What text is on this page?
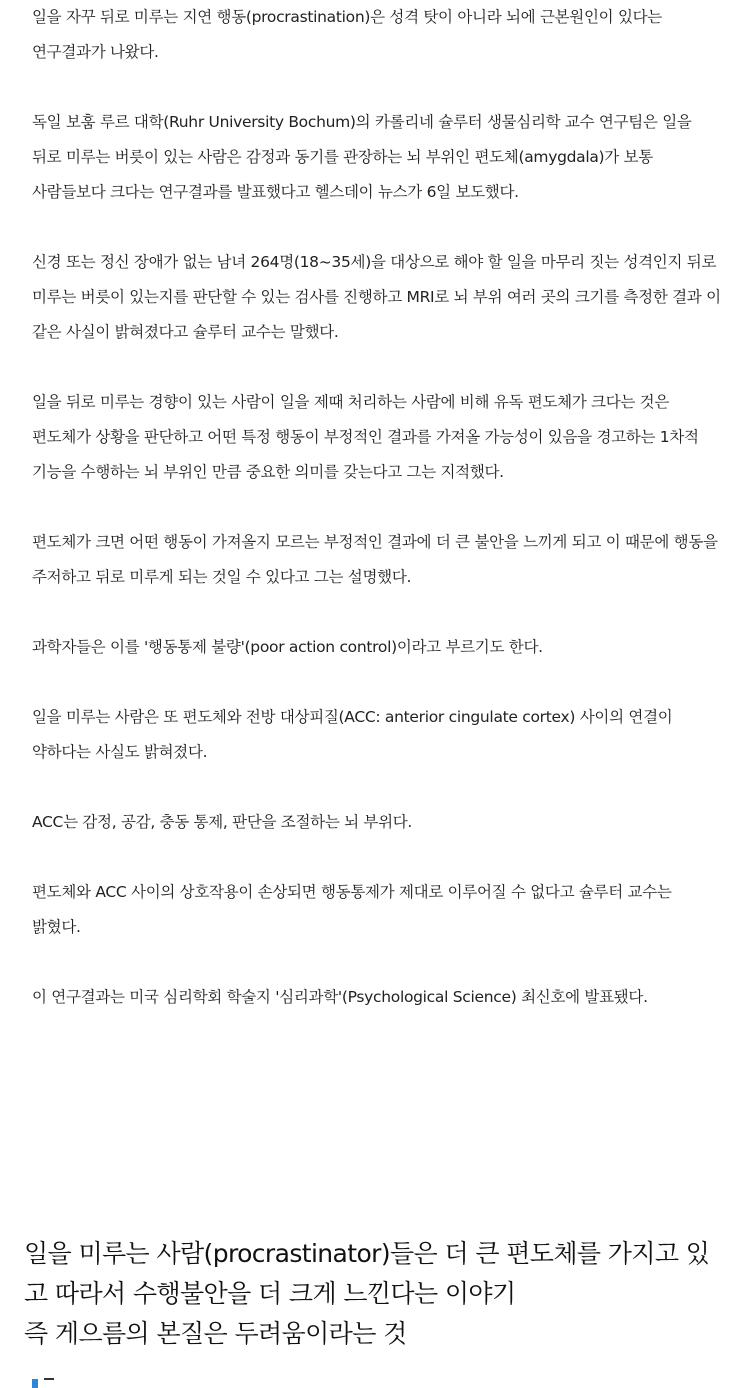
일을 자꾸 뒤로 미루는 지연 행동(procrastination)은 성격 탓이 아니라 뇌에 근본원인이 있다는 연구결과가 나왔다.

독일 보훔 루르 대학(Ruhr University Bochum)의 카롤리네 슐루터 생물심리학 교수 연구팀은 일을 뒤로 미루는 버릇이 있는 사람은 감정과 동기를 관장하는 뇌 부위인 편도체(amygdala)가 보통 사람들보다 크다는 연구결과를 발표했다고 헬스데이 뉴스가 6일 보도했다.

신경 또는 정신 장애가 없는 남녀 264명(18~35세)을 대상으로 해야 할 일을 마무리 짓는 성격인지 뒤로 미루는 버릇이 있는지를 판단할 수 있는 검사를 진행하고 MRI로 뇌 부위 여러 곳의 크기를 측정한 결과 이 같은 사실이 밝혀졌다고 슐루터 교수는 말했다.

일을 뒤로 미루는 경향이 있는 사람이 일을 제때 처리하는 사람에 비해 유독 편도체가 크다는 것은 편도체가 상황을 판단하고 어떤 특정 행동이 부정적인 결과를 가져올 가능성이 있음을 경고하는 1차적 기능을 수행하는 뇌 부위인 만큼 중요한 의미를 갖는다고 그는 지적했다.

편도체가 크면 어떤 행동이 가져올지 모르는 부정적인 결과에 더 큰 불안을 느끼게 되고 이 때문에 행동을 주저하고 뒤로 미루게 되는 것일 수 있다고 그는 설명했다.

과학자들은 이를 '행동통제 불량'(poor action control)이라고 부르기도 한다.

일을 미루는 사람은 또 편도체와 전방 대상피질(ACC: anterior cingulate cortex) 사이의 연결이 약하다는 사실도 밝혀졌다.

ACC는 감정, 공감, 충동 통제, 판단을 조절하는 뇌 부위다.

편도체와 ACC 사이의 상호작용이 손상되면 행동통제가 제대로 이루어질 수 없다고 슐루터 교수는 밝혔다.

이 연구결과는 미국 심리학회 학술지 '심리과학'(Psychological Science) 최신호에 발표됐다.

일을 미루는 사람(procrastinator)들은 더 큰 편도체를 가지고 있
고 따라서 수행불안을 더 크게 느낀다는 이야기
즉 게으름의 본질은 두려움이라는 것
